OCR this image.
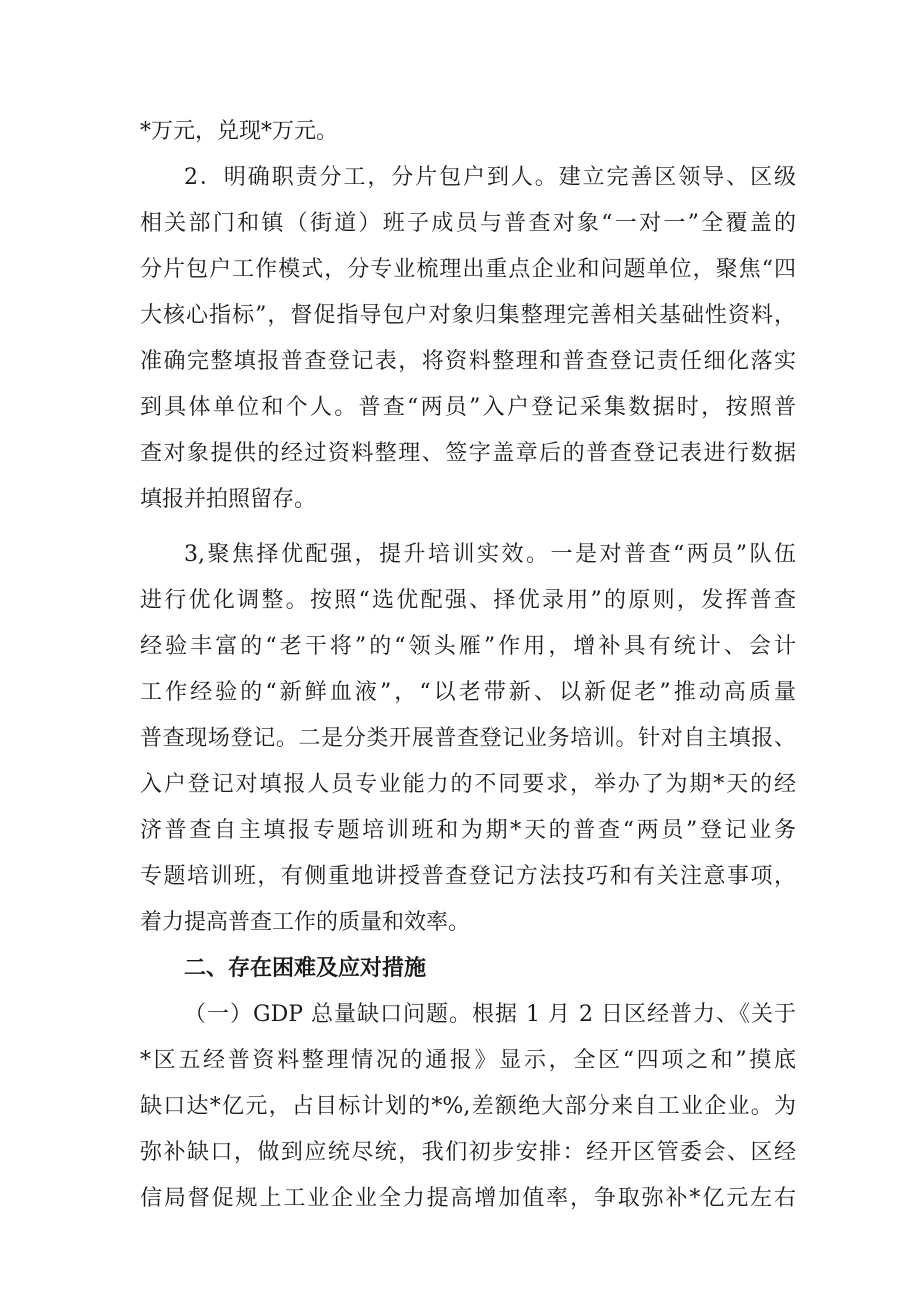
*万元，兑现*万元。
2．明确职责分工，分片包户到人。建立完善区领导、区级
相关部门和镇（街道）班子成员与普查对象“一对一”全覆盖的
分片包户工作模式，分专业梳理出重点企业和问题单位，聚焦“四
大核心指标”，督促指导包户对象归集整理完善相关基础性资料，
准确完整填报普查登记表，将资料整理和普查登记责任细化落实
到具体单位和个人。普查“两员”入户登记采集数据时，按照普
查对象提供的经过资料整理、签字盖章后的普查登记表进行数据
填报并拍照留存。
3,聚焦择优配强，提升培训实效。一是对普查“两员”队伍
进行优化调整。按照“选优配强、择优录用”的原则，发挥普查
经验丰富的“老干将”的“领头雁”作用，增补具有统计、会计
工作经验的“新鲜血液”，“以老带新、以新促老”推动高质量
普查现场登记。二是分类开展普查登记业务培训。针对自主填报、
入户登记对填报人员专业能力的不同要求，举办了为期*天的经
济普查自主填报专题培训班和为期*天的普查“两员”登记业务
专题培训班，有侧重地讲授普查登记方法技巧和有关注意事项，
着力提高普查工作的质量和效率。
二、存在困难及应对措施
（一）GDP 总量缺口问题。根据 1 月 2 日区经普力、《关于
*区五经普资料整理情况的通报》显示，全区“四项之和”摸底
缺口达*亿元，占目标计划的*%,差额绝大部分来自工业企业。为
弥补缺口，做到应统尽统，我们初步安排：经开区管委会、区经
信局督促规上工业企业全力提高增加值率，争取弥补*亿元左右
